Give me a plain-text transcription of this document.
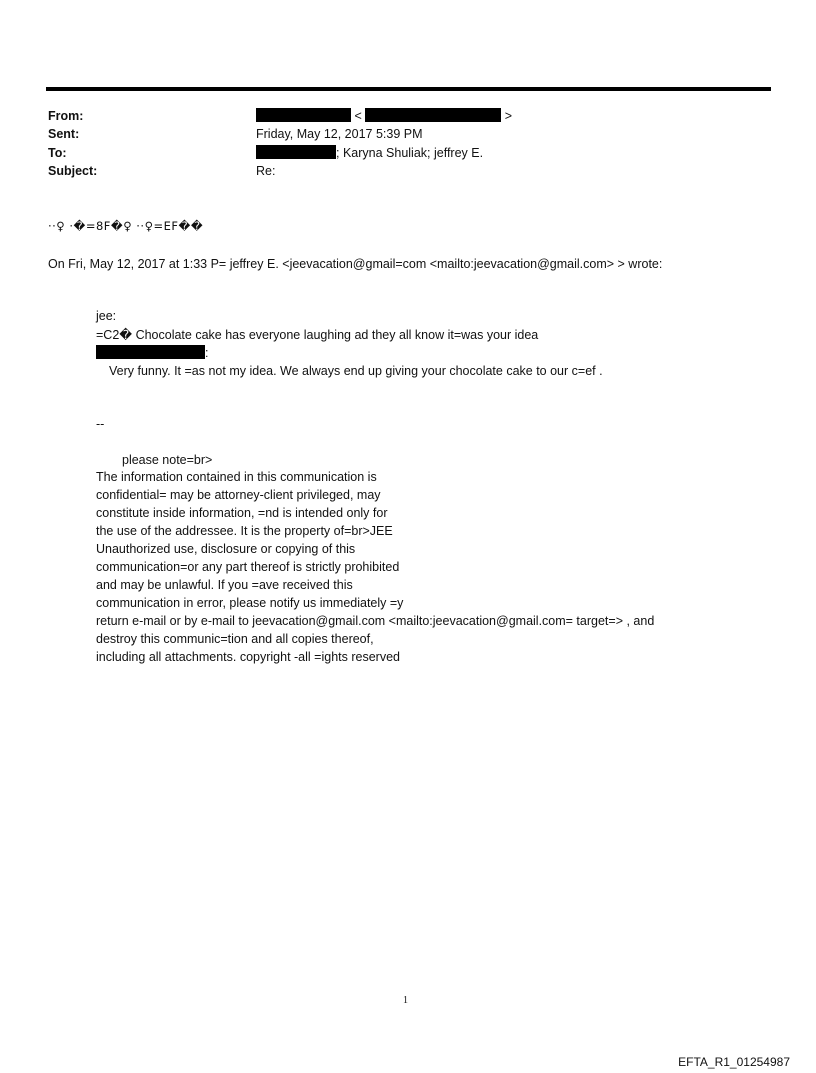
From:
Sent:
To:
Subject:
<	>
Friday, May 12, 2017 5:39 PM
; Karyna Shuliak; jeffrey E.
Re:
··♀ ·�=8F�♀ ··♀=EF��
On Fri, May 12, 2017 at 1:33 P= jeffrey E. <jeevacation@gmail=com <mailto:jeevacation@gmail.com> > wrote:
jee:
=C2� Chocolate cake has everyone laughing ad they all know it=was your idea
:
Very funny. It =as not my idea. We always end up giving your chocolate cake to our c=ef .
--
please note=br>
The information contained in this communication is
confidential= may be attorney-client privileged, may
constitute inside information, =nd is intended only for
the use of the addressee. It is the property of=br>JEE
Unauthorized use, disclosure or copying of this
communication=or any part thereof is strictly prohibited
and may be unlawful. If you =ave received this
communication in error, please notify us immediately =y
return e-mail or by e-mail to jeevacation@gmail.com <mailto:jeevacation@gmail.com= target=> , and
destroy this communic=tion and all copies thereof,
including all attachments. copyright -all =ights reserved
1
EFTA_R1_01254987
